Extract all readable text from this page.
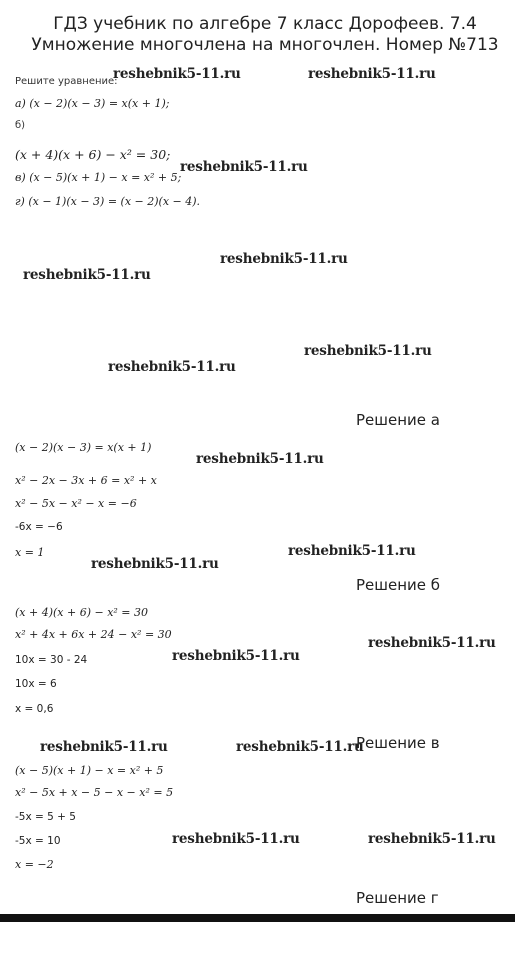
ГДЗ учебник по алгебре 7 класс Дорофеев. 7.4 Умножение многочлена на многочлен. Номер №713
Решите уравнение:
а) (x − 2)(x − 3) = x(x + 1);
б)
(x + 4)(x + 6) − x² = 30;
в) (x − 5)(x + 1) − x = x² + 5;
г) (x − 1)(x − 3) = (x − 2)(x − 4).
reshebnik5-11.ru	reshebnik5-11.ru
reshebnik5-11.ru
reshebnik5-11.ru
reshebnik5-11.ru
reshebnik5-11.ru
reshebnik5-11.ru
reshebnik5-11.ru
reshebnik5-11.ru
reshebnik5-11.ru
reshebnik5-11.ru
reshebnik5-11.ru
reshebnik5-11.ru	reshebnik5-11.ru
reshebnik5-11.ru	reshebnik5-11.ru
Решение а
(x − 2)(x − 3) = x(x + 1)
x² − 2x − 3x + 6 = x² + x
x² − 5x − x² − x = −6
-6x = −6
x = 1
Решение б
(x + 4)(x + 6) − x² = 30
x² + 4x + 6x + 24 − x² = 30
10x = 30 - 24
10x = 6
x = 0,6
Решение в
(x − 5)(x + 1) − x = x² + 5
x² − 5x + x − 5 − x − x² = 5
-5x = 5 + 5
-5x = 10
x = −2
Решение г
